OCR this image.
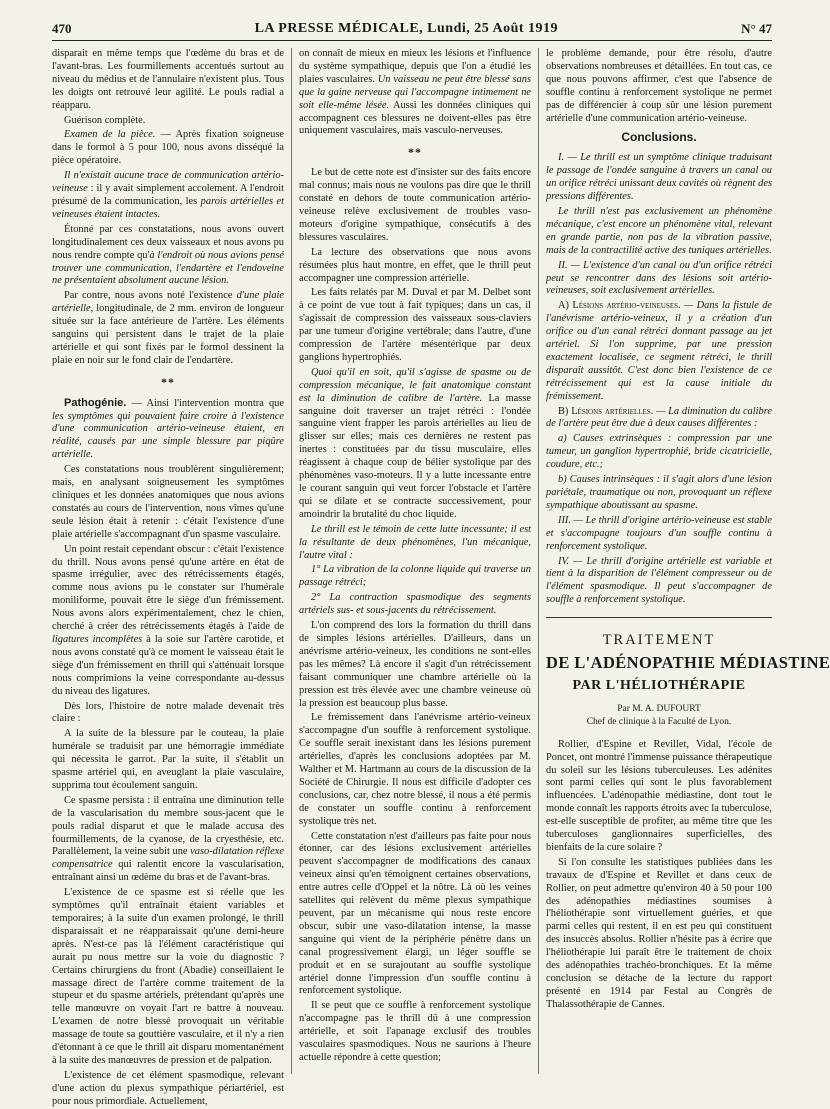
470	LA PRESSE MÉDICALE, Lundi, 25 Août 1919	N° 47

disparait en même temps que l'œdème du bras et de l'avant-bras. Les fourmillements accentués surtout au niveau du médius et de l'annulaire n'existent plus. Tous les doigts ont retrouvé leur agilité. Le pouls radial a réapparu.

Guérison complète.

Examen de la pièce. — Après fixation soigneuse dans le formol à 5 pour 100, nous avons disséqué la pièce opératoire.

Il n'existait aucune trace de communication artério-veineuse : il y avait simplement accolement. A l'endroit présumé de la communication, les parois artérielles et veineuses étaient intactes.

Étonné par ces constatations, nous avons ouvert longitudinalement ces deux vaisseaux et nous avons pu nous rendre compte qu'à l'endroit où nous avions pensé trouver une communication, l'endartère et l'endoveine ne présentaient absolument aucune lésion.

Par contre, nous avons noté l'existence d'une plaie artérielle, longitudinale, de 2 mm. environ de longueur située sur la face antérieure de l'artère. Les éléments sanguins qui persistent dans le trajet de la plaie artérielle et qui sont fixés par le formol dessinent la plaie en noir sur le fond clair de l'endartère.

**

Pathogénie. — Ainsi l'intervention montra que les symptômes qui pouvaient faire croire à l'existence d'une communication artério-veineuse étaient, en réalité, causés par une simple blessure par piqûre artérielle.

Ces constatations nous troublèrent singulièrement; mais, en analysant soigneusement les symptômes cliniques et les données anatomiques que nous avions constatés au cours de l'intervention, nous vîmes qu'une seule lésion était à retenir : c'était l'existence d'une plaie artérielle s'accompagnant d'un spasme vasculaire.

Un point restait cependant obscur : c'était l'existence du thrill. Nous avons pensé qu'une artère en état de spasme irrégulier, avec des rétrécissements étagés, comme nous avions pu le constater sur l'humérale moniliforme, pouvait être le siège d'un frémissement. Nous avons alors expérimentalement, chez le chien, cherché à créer des rétrécissements étagés à l'aide de ligatures incomplètes à la soie sur l'artère carotide, et nous avons constaté qu'à ce moment le vaisseau était le siège d'un frémissement en thrill qui s'atténuait lorsque nous comprimions la veine correspondante au-dessus du niveau des ligatures.

Dès lors, l'histoire de notre malade devenait très claire :

A la suite de la blessure par le couteau, la plaie humérale se traduisit par une hémorragie immédiate qui nécessita le garrot. Par la suite, il s'établit un spasme artériel qui, en aveuglant la plaie vasculaire, supprima tout écoulement sanguin.

Ce spasme persista : il entraîna une diminution telle de la vascularisation du membre sous-jacent que le pouls radial disparut et que le malade accusa des fourmillements, de la cyanose, de la cryesthésie, etc. Parallèlement, la veine subit une vaso-dilatation réflexe compensatrice qui ralentit encore la vascularisation, entraînant ainsi un œdème du bras et de l'avant-bras.

L'existence de ce spasme est si réelle que les symptômes qu'il entraînait étaient variables et temporaires; à la suite d'un examen prolongé, le thrill disparaissait et ne réapparaissait qu'une demi-heure après. N'est-ce pas là l'élément caractéristique qui aurait pu nous mettre sur la voie du diagnostic ? Certains chirurgiens du front (Abadie) conseillaient le massage direct de l'artère comme traitement de la stupeur et du spasme artériels, prétendant qu'après une telle manœuvre on voyait l'art re battre à nouveau. L'examen de notre blessé provoquait un véritable massage de toute sa gouttière vasculaire, et il n'y a rien d'étonnant à ce que le thrill ait disparu momentanément à la suite des manœuvres de pression et de palpation.

L'existence de cet élément spasmodique, relevant d'une action du plexus sympathique périartériel, est pour nous primordiale. Actuellement,

on connaît de mieux en mieux les lésions et l'influence du système sympathique, depuis que l'on a étudié les plaies vasculaires. Un vaisseau ne peut être blessé sans que la gaine nerveuse qui l'accompagne intimement ne soit elle-même lésée. Aussi les données cliniques qui accompagnent ces blessures ne doivent-elles pas être uniquement vasculaires, mais vasculo-nerveuses.

**

Le but de cette note est d'insister sur des faits encore mal connus; mais nous ne voulons pas dire que le thrill constaté en dehors de toute communication artério-veineuse relève exclusivement de troubles vaso-moteurs d'origine sympathique, consécutifs à des blessures vasculaires.

La lecture des observations que nous avons résumées plus haut montre, en effet, que le thrill peut accompagner une compression artérielle.

Les faits relatés par M. Duval et par M. Delbet sont à ce point de vue tout à fait typiques; dans un cas, il s'agissait de compression des vaisseaux sous-claviers par une tumeur d'origine vertébrale; dans l'autre, d'une compression de l'artère mésentérique par deux ganglions hypertrophiés.

Quoi qu'il en soit, qu'il s'agisse de spasme ou de compression mécanique, le fait anatomique constant est la diminution de calibre de l'artère. La masse sanguine doit traverser un trajet rétréci : l'ondée sanguine vient frapper les parois artérielles au lieu de glisser sur elles; mais ces dernières ne restent pas inertes : constituées par du tissu musculaire, elles réagissent à chaque coup de bélier systolique par des phénomènes vaso-moteurs. Il y a lutte incessante entre le courant sanguin qui veut forcer l'obstacle et l'artère qui se dilate et se contracte successivement, pour amoindrir la brutalité du choc liquide.

Le thrill est le témoin de cette lutte incessante; il est la résultante de deux phénomènes, l'un mécanique, l'autre vital :

1° La vibration de la colonne liquide qui traverse un passage rétréci;

2° La contraction spasmodique des segments artériels sus- et sous-jacents du rétrécissement.

L'on comprend des lors la formation du thrill dans de simples lésions artérielles. D'ailleurs, dans un anévrisme artério-veineux, les conditions ne sont-elles pas les mêmes? Là encore il s'agit d'un rétrécissement faisant communiquer une chambre artérielle où la pression est très élevée avec une chambre veineuse où la pression est beaucoup plus basse.

Le frémissement dans l'anévrisme artério-veineux s'accompagne d'un souffle à renforcement systolique. Ce souffle serait inexistant dans les lésions purement artérielles, d'après les conclusions adoptées par M. Walther et M. Hartmann au cours de la discussion de la Société de Chirurgie. Il nous est difficile d'adopter ces conclusions, car, chez notre blessé, il nous a été permis de constater un souffle continu à renforcement systolique très net.

Cette constatation n'est d'ailleurs pas faite pour nous étonner, car des lésions exclusivement artérielles peuvent s'accompagner de modifications des canaux veineux ainsi qu'en témoignent certaines observations, entre autres celle d'Oppel et la nôtre. Là où les veines satellites qui relèvent du même plexus sympathique peuvent, par un mécanisme qui nous reste encore obscur, subir une vaso-dilatation intense, la masse sanguine qui vient de la périphérie pénètre dans un canal progressivement élargi, un léger souffle se produit et en se surajoutant au souffle systolique artériel donne l'impression d'un souffle continu à renforcement systolique.

Il se peut que ce souffle à renforcement systolique n'accompagne pas le thrill dû à une compression artérielle, et soit l'apanage exclusif des troubles vasculaires spasmodiques. Nous ne saurions à l'heure actuelle répondre à cette question;

le problème demande, pour être résolu, d'autre observations nombreuses et détaillées. En tout cas, ce que nous pouvons affirmer, c'est que l'absence de souffle continu à renforcement systolique ne permet pas de différencier à coup sûr une lésion purement artérielle d'une communication artério-veineuse.

Conclusions.

I. — Le thrill est un symptôme clinique traduisant le passage de l'ondée sanguine à travers un canal ou un orifice rétréci unissant deux cavités où règnent des pressions différentes.

Le thrill n'est pas exclusivement un phénomène mécanique, c'est encore un phénomène vital, relevant en grande partie, non pas de la vibration passive, mais de la contractilité active des tuniques artérielles.

II. — L'existence d'un canal ou d'un orifice rétréci peut se rencontrer dans des lésions soit artério-veineuses, soit exclusivement artérielles.

A) Lésions artério-veineuses. — Dans la fistule de l'anévrisme artério-veineux, il y a création d'un orifice ou d'un canal rétréci donnant passage au jet artériel. Si l'on supprime, par une pression exactement localisée, ce segment rétréci, le thrill disparaît aussitôt. C'est donc bien l'existence de ce rétrécissement qui est la cause initiale du frémissement.

B) Lésions artérielles. — La diminution du calibre de l'artère peut être due à deux causes différentes :

a) Causes extrinsèques : compression par une tumeur, un ganglion hypertrophié, bride cicatricielle, coudure, etc.;

b) Causes intrinsèques : il s'agit alors d'une lésion pariétale, traumatique ou non, provoquant un réflexe sympathique aboutissant au spasme.

III. — Le thrill d'origine artério-veineuse est stable et s'accompagne toujours d'un souffle continu à renforcement systolique.

IV. — Le thrill d'origine artérielle est variable et tient à la disparition de l'élément compresseur ou de l'élément spasmodique. Il peut s'accompagner de souffle à renforcement systolique.

TRAITEMENT
DE L'ADÉNOPATHIE MÉDIASTINE
PAR L'HÉLIOTHÉRAPIE
Par M. A. DUFOURT
Chef de clinique à la Faculté de Lyon.

Rollier, d'Espine et Revillet, Vidal, l'école de Poncet, ont montré l'immense puissance thérapeutique du soleil sur les lésions tuberculeuses. Les adénites sont parmi celles qui sont le plus favorablement influencées. L'adénopathie médiastine, dont tout le monde connaît les rapports étroits avec la tuberculose, est-elle susceptible de profiter, au même titre que les tuberculoses ganglionnaires superficielles, des bienfaits de la cure solaire ?

Si l'on consulte les statistiques publiées dans les travaux de d'Espine et Revillet et dans ceux de Rollier, on peut admettre qu'environ 40 à 50 pour 100 des adénopathies médiastines soumises à l'héliothérapie sont virtuellement guéries, et que parmi celles qui restent, il en est peu qui constituent des insuccès absolus. Rollier n'hésite pas à écrire que l'héliothérapie lui paraît être le traitement de choix des adénopathies trachéo-bronchiques. Et la même conclusion se détache de la lecture du rapport présenté en 1914 par Festal au Congrès de Thalassothérapie de Cannes.
